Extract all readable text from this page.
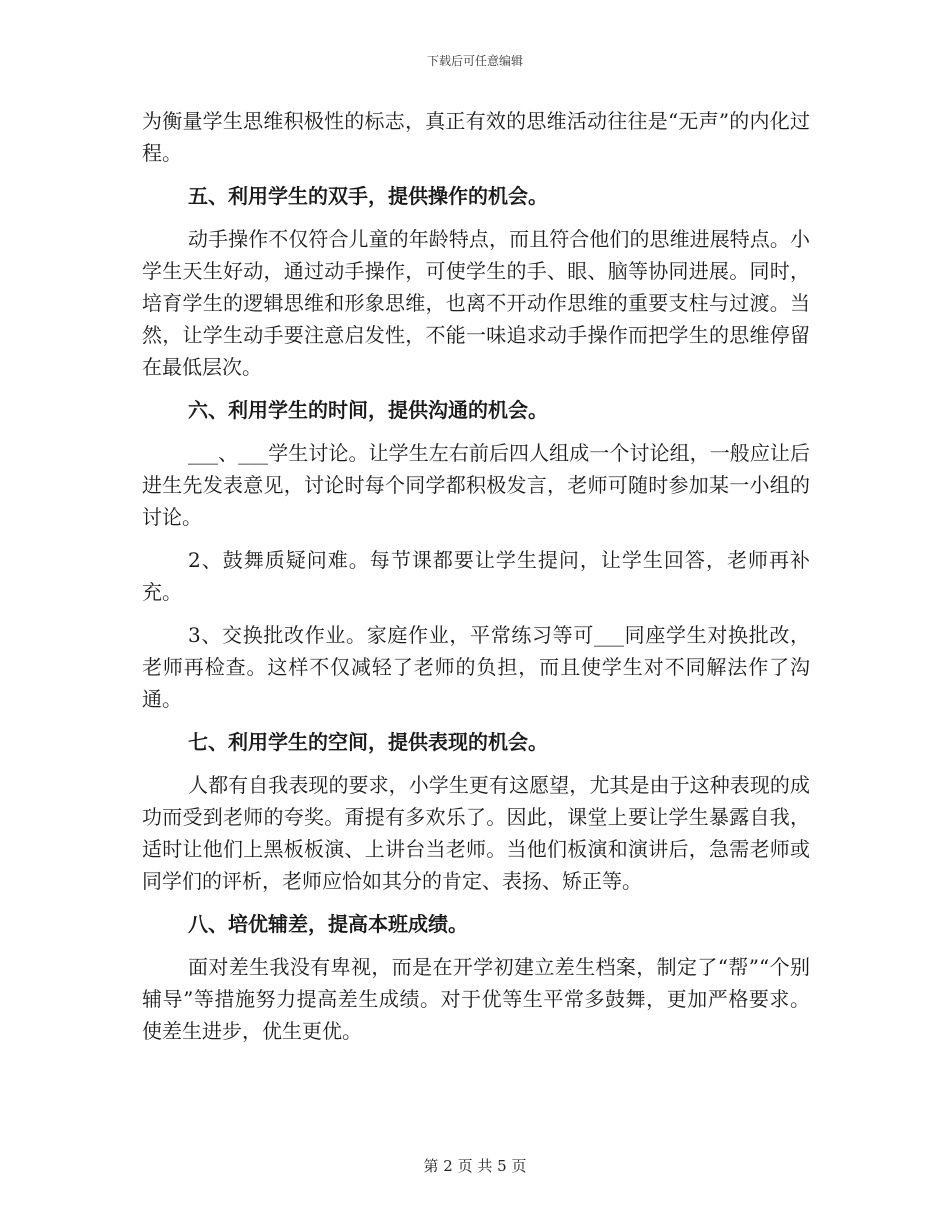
下载后可任意编辑

为衡量学生思维积极性的标志，真正有效的思维活动往往是“无声”的内化过程。

五、利用学生的双手，提供操作的机会。

动手操作不仅符合儿童的年龄特点，而且符合他们的思维进展特点。小学生天生好动，通过动手操作，可使学生的手、眼、脑等协同进展。同时，培育学生的逻辑思维和形象思维，也离不开动作思维的重要支柱与过渡。当然，让学生动手要注意启发性，不能一味追求动手操作而把学生的思维停留在最低层次。

六、利用学生的时间，提供沟通的机会。

___、___学生讨论。让学生左右前后四人组成一个讨论组，一般应让后进生先发表意见，讨论时每个同学都积极发言，老师可随时参加某一小组的讨论。

2、鼓舞质疑问难。每节课都要让学生提问，让学生回答，老师再补充。

3、交换批改作业。家庭作业，平常练习等可___同座学生对换批改，老师再检查。这样不仅减轻了老师的负担，而且使学生对不同解法作了沟通。

七、利用学生的空间，提供表现的机会。

人都有自我表现的要求，小学生更有这愿望，尤其是由于这种表现的成功而受到老师的夸奖。甭提有多欢乐了。因此，课堂上要让学生暴露自我，适时让他们上黑板板演、上讲台当老师。当他们板演和演讲后，急需老师或同学们的评析，老师应恰如其分的肯定、表扬、矫正等。

八、培优辅差，提高本班成绩。

面对差生我没有卑视，而是在开学初建立差生档案，制定了“帮”“个别辅导”等措施努力提高差生成绩。对于优等生平常多鼓舞，更加严格要求。使差生进步，优生更优。

第 2 页 共 5 页
